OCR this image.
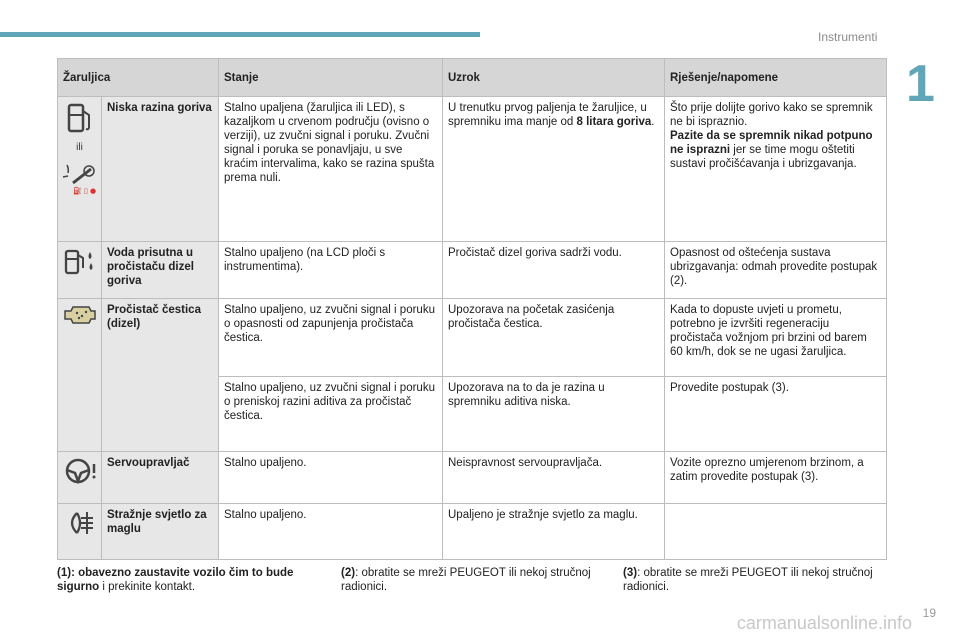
Instrumenti
1
Žaruljica		Stanje	Uzrok	Rješenje/napomene

ili
⛽ ▯ ●	Niska razina goriva	Stalno upaljena (žaruljica ili LED), s kazaljkom u crvenom području (ovisno o verziji), uz zvučni signal i poruku. Zvučni signal i poruka se ponavljaju, u sve kraćim intervalima, kako se razina spušta prema nuli.	U trenutku prvog paljenja te žaruljice, u spremniku ima manje od 8 litara goriva.	Što prije dolijte gorivo kako se spremnik ne bi ispraznio.
Pazite da se spremnik nikad potpuno ne isprazni jer se time mogu oštetiti sustavi pročišćavanja i ubrizgavanja.

	Voda prisutna u pročistaču dizel goriva	Stalno upaljeno (na LCD ploči s instrumentima).	Pročistač dizel goriva sadrži vodu.	Opasnost od oštećenja sustava ubrizgavanja: odmah provedite postupak (2).

	Pročistač čestica (dizel)	Stalno upaljeno, uz zvučni signal i poruku o opasnosti od zapunjenja pročistača čestica.	Upozorava na početak zasićenja pročistača čestica.	Kada to dopuste uvjeti u prometu, potrebno je izvršiti regeneraciju pročistača vožnjom pri brzini od barem 60 km/h, dok se ne ugasi žaruljica.
		Stalno upaljeno, uz zvučni signal i poruku o preniskoj razini aditiva za pročistač čestica.	Upozorava na to da je razina u spremniku aditiva niska.	Provedite postupak (3).

	Servoupravljač	Stalno upaljeno.	Neispravnost servoupravljača.	Vozite oprezno umjerenom brzinom, a zatim provedite postupak (3).

	Stražnje svjetlo za maglu	Stalno upaljeno.	Upaljeno je stražnje svjetlo za maglu.	
(1): obavezno zaustavite vozilo čim to bude sigurno i prekinite kontakt.
(2): obratite se mreži PEUGEOT ili nekoj stručnoj radionici.
(3): obratite se mreži PEUGEOT ili nekoj stručnoj radionici.
carmanualsonline.info 19
